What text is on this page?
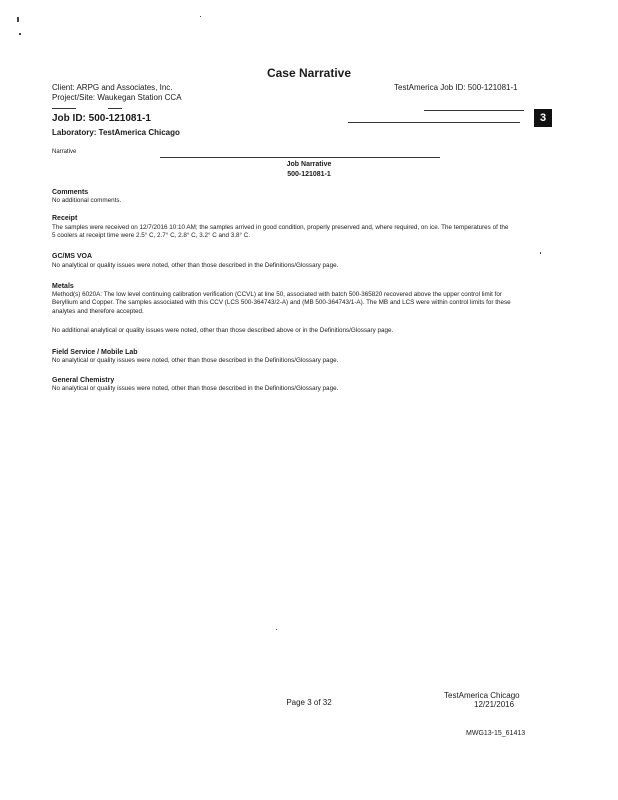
Case Narrative
Client: ARPG and Associates, Inc.
Project/Site: Waukegan Station CCA
TestAmerica Job ID: 500-121081-1
Job ID: 500-121081-1
Laboratory: TestAmerica Chicago
3
Narrative
Job Narrative
500-121081-1
Comments
No additional comments.
Receipt
The samples were received on 12/7/2016 10:10 AM; the samples arrived in good condition, properly preserved and, where required, on ice. The temperatures of the 5 coolers at receipt time were 2.5° C, 2.7° C, 2.8° C, 3.2° C and 3.8° C.
GC/MS VOA
No analytical or quality issues were noted, other than those described in the Definitions/Glossary page.
Metals
Method(s) 6020A: The low level continuing calibration verification (CCVL) at line 50, associated with batch 500-365820 recovered above the upper control limit for Beryllium and Copper. The samples associated with this CCV (LCS 500-364743/2-A) and (MB 500-364743/1-A). The MB and LCS were within control limits for these analytes and therefore accepted.
No additional analytical or quality issues were noted, other than those described above or in the Definitions/Glossary page.
Field Service / Mobile Lab
No analytical or quality issues were noted, other than those described in the Definitions/Glossary page.
General Chemistry
No analytical or quality issues were noted, other than those described in the Definitions/Glossary page.
Page 3 of 32
TestAmerica Chicago
12/21/2016
MWG13-15_61413
